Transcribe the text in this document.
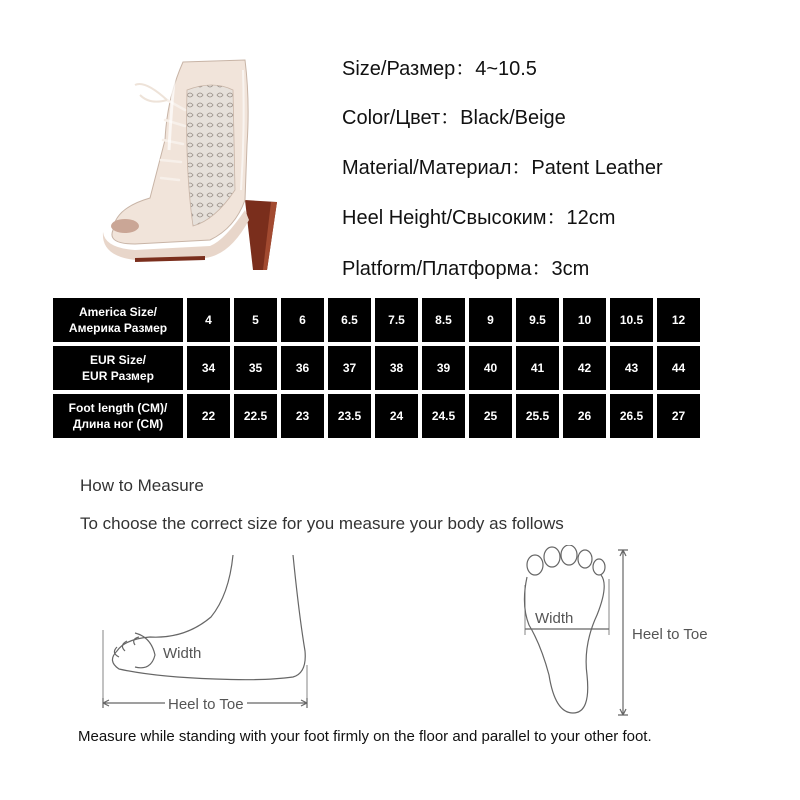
Size/Размер：4~10.5
Color/Цвет：Black/Beige
Material/Материал：Patent Leather
Heel Height/Свысоким：12cm
Platform/Платформа：3cm
America Size/
Америка Размер	4	5	6	6.5	7.5	8.5	9	9.5	10	10.5	12

EUR Size/
EUR Размер	34	35	36	37	38	39	40	41	42	43	44

Foot length (CM)/
Длина ног (CM)	22	22.5	23	23.5	24	24.5	25	25.5	26	26.5	27
How to Measure
To choose the correct size for you measure your body as follows
Width
Heel to Toe
Width
Heel to Toe
Measure while standing with your foot firmly on the floor and parallel to your other foot.
